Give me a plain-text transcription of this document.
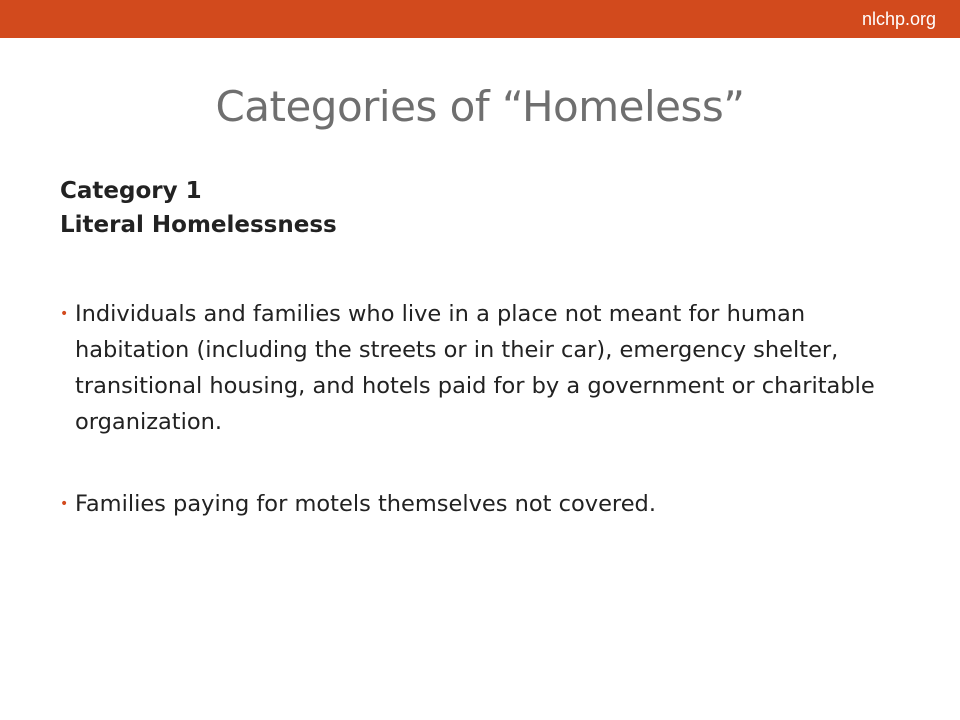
nlchp.org
Categories of “Homeless”
Category 1
Literal Homelessness
• Individuals and families who live in a place not meant for human habitation (including the streets or in their car), emergency shelter, transitional housing, and hotels paid for by a government or charitable organization.
• Families paying for motels themselves not covered.
